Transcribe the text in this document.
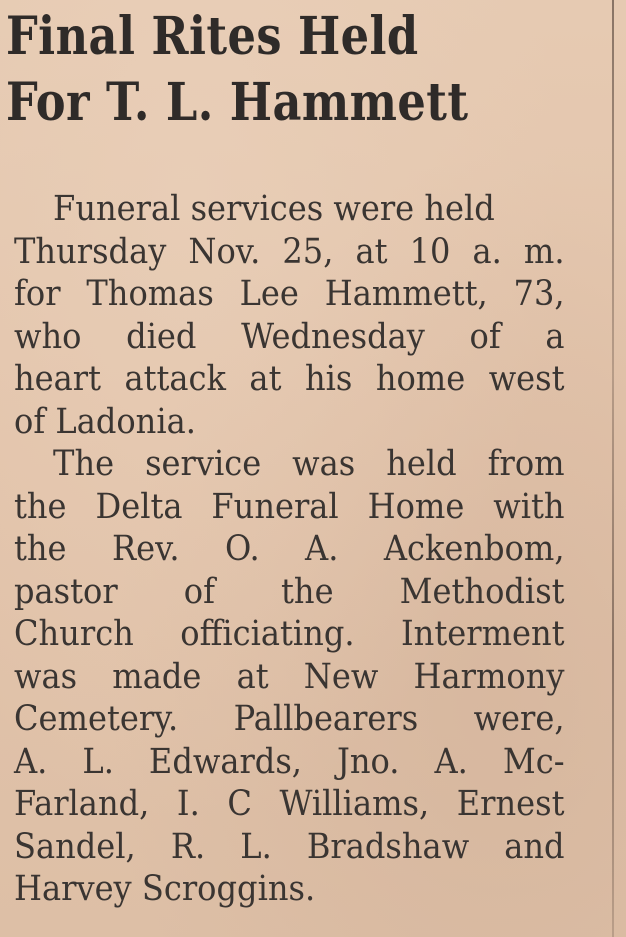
Final Rites Held
For T. L. Hammett
Funeral services were held
Thursday Nov. 25, at 10 a. m.
for Thomas Lee Hammett, 73,
who died Wednesday of a
heart attack at his home west
of Ladonia.
The service was held from
the Delta Funeral Home with
the Rev. O. A. Ackenbom,
pastor of the Methodist
Church officiating. Interment
was made at New Harmony
Cemetery. Pallbearers were,
A. L. Edwards, Jno. A. Mc-
Farland, I. C Williams, Ernest
Sandel, R. L. Bradshaw and
Harvey Scroggins.
